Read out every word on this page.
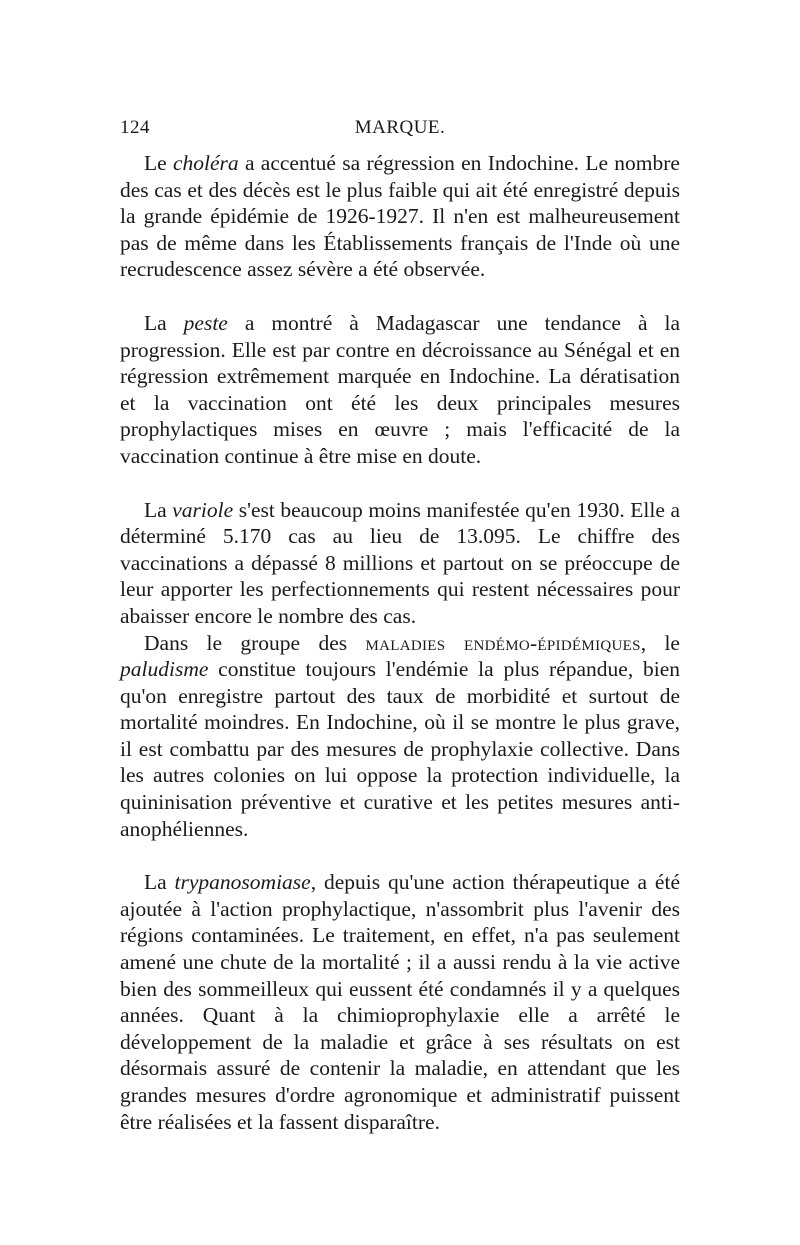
124	MARQUE.

Le choléra a accentué sa régression en Indochine. Le nombre des cas et des décès est le plus faible qui ait été enregistré depuis la grande épidémie de 1926-1927. Il n'en est malheureusement pas de même dans les Établissements français de l'Inde où une recrudescence assez sévère a été observée.

La peste a montré à Madagascar une tendance à la progression. Elle est par contre en décroissance au Sénégal et en régression extrêmement marquée en Indochine. La dératisation et la vaccination ont été les deux principales mesures prophylactiques mises en œuvre ; mais l'efficacité de la vaccination continue à être mise en doute.

La variole s'est beaucoup moins manifestée qu'en 1930. Elle a déterminé 5.170 cas au lieu de 13.095. Le chiffre des vaccinations a dépassé 8 millions et partout on se préoccupe de leur apporter les perfectionnements qui restent nécessaires pour abaisser encore le nombre des cas.

Dans le groupe des maladies endémo-épidémiques, le paludisme constitue toujours l'endémie la plus répandue, bien qu'on enregistre partout des taux de morbidité et surtout de mortalité moindres. En Indochine, où il se montre le plus grave, il est combattu par des mesures de prophylaxie collective. Dans les autres colonies on lui oppose la protection individuelle, la quininisation préventive et curative et les petites mesures anti-anophéliennes.

La trypanosomiase, depuis qu'une action thérapeutique a été ajoutée à l'action prophylactique, n'assombrit plus l'avenir des régions contaminées. Le traitement, en effet, n'a pas seulement amené une chute de la mortalité ; il a aussi rendu à la vie active bien des sommeilleux qui eussent été condamnés il y a quelques années. Quant à la chimioprophylaxie elle a arrêté le développement de la maladie et grâce à ses résultats on est désormais assuré de contenir la maladie, en attendant que les grandes mesures d'ordre agronomique et administratif puissent être réalisées et la fassent disparaître.
